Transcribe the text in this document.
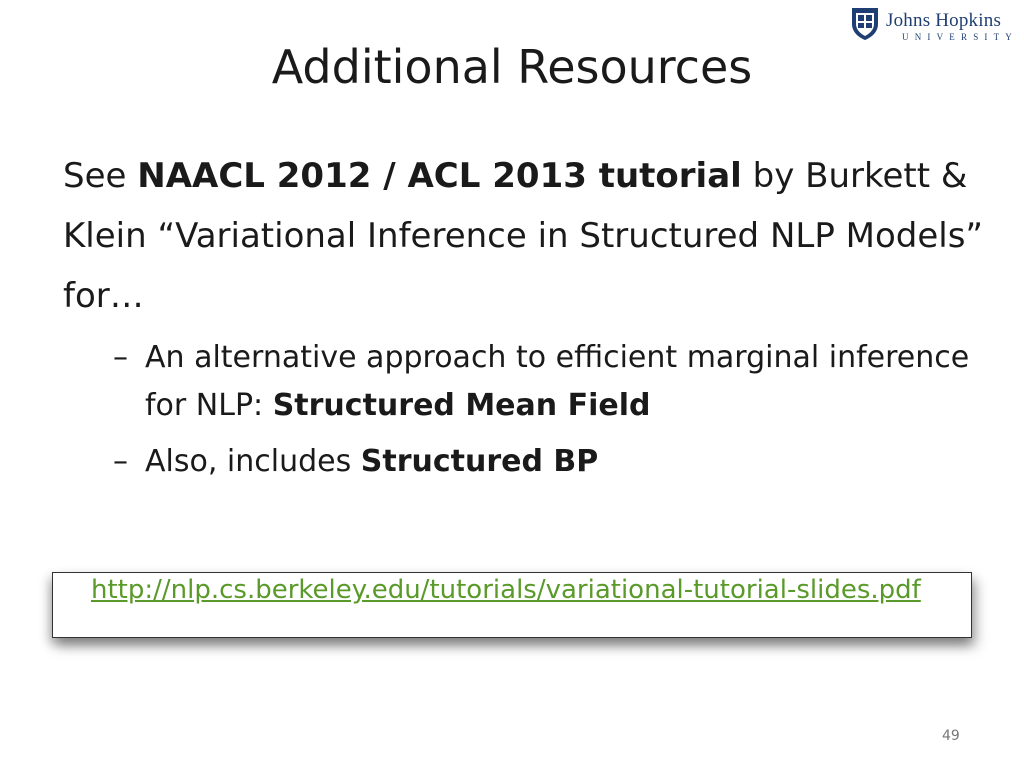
Johns Hopkins
UNIVERSITY
Additional Resources

See NAACL 2012 / ACL 2013 tutorial by Burkett & Klein “Variational Inference in Structured NLP Models” for…

– An alternative approach to efficient marginal inference for NLP: Structured Mean Field

– Also, includes Structured BP

http://nlp.cs.berkeley.edu/tutorials/variational-tutorial-slides.pdf
49
